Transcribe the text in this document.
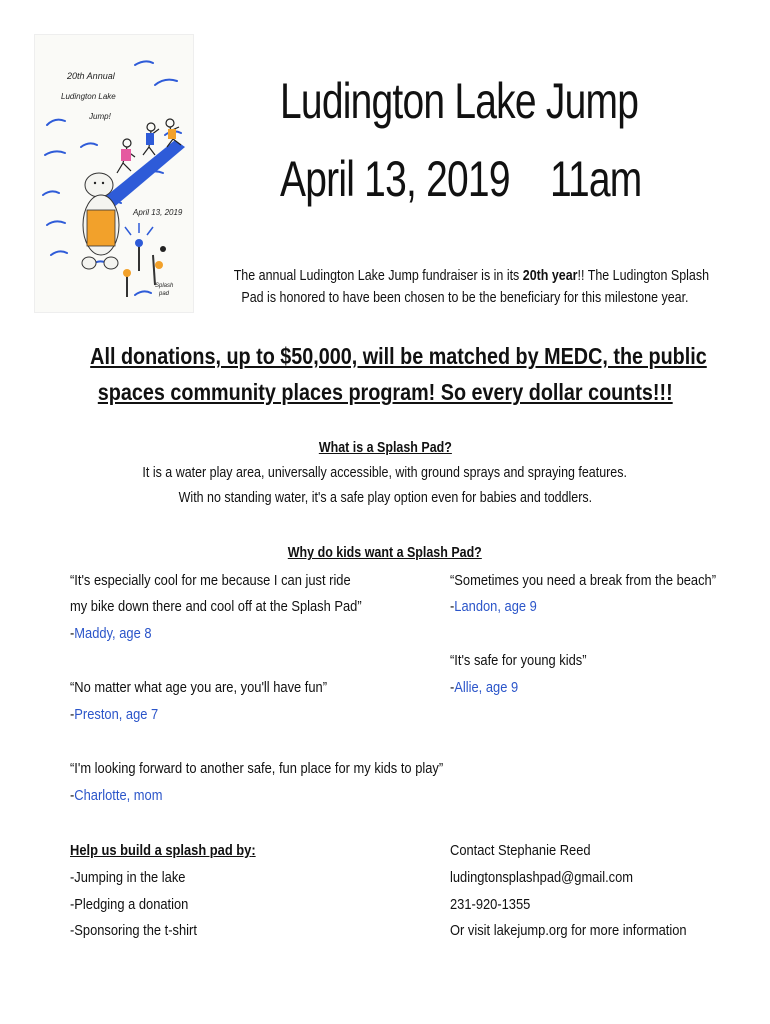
20th Annual
Ludington Lake
Jump!
April 13, 2019
Splash
pad
Ludington Lake Jump
April 13, 2019    11am
The annual Ludington Lake Jump fundraiser is in its 20th year!! The Ludington Splash
Pad is honored to have been chosen to be the beneficiary for this milestone year.
All donations, up to $50,000, will be matched by MEDC, the public
spaces community places program! So every dollar counts!!!
What is a Splash Pad?
It is a water play area, universally accessible, with ground sprays and spraying features.
With no standing water, it's a safe play option even for babies and toddlers.
Why do kids want a Splash Pad?
“It's especially cool for me because I can just ride
my bike down there and cool off at the Splash Pad”
-Maddy, age 8
“Sometimes you need a break from the beach”
-Landon, age 9
“It's safe for young kids”
-Allie, age 9
“No matter what age you are, you'll have fun”
-Preston, age 7
“I'm looking forward to another safe, fun place for my kids to play”
-Charlotte, mom
Help us build a splash pad by:
-Jumping in the lake
-Pledging a donation
-Sponsoring the t-shirt
Contact Stephanie Reed
ludingtonsplashpad@gmail.com
231-920-1355
Or visit lakejump.org for more information
